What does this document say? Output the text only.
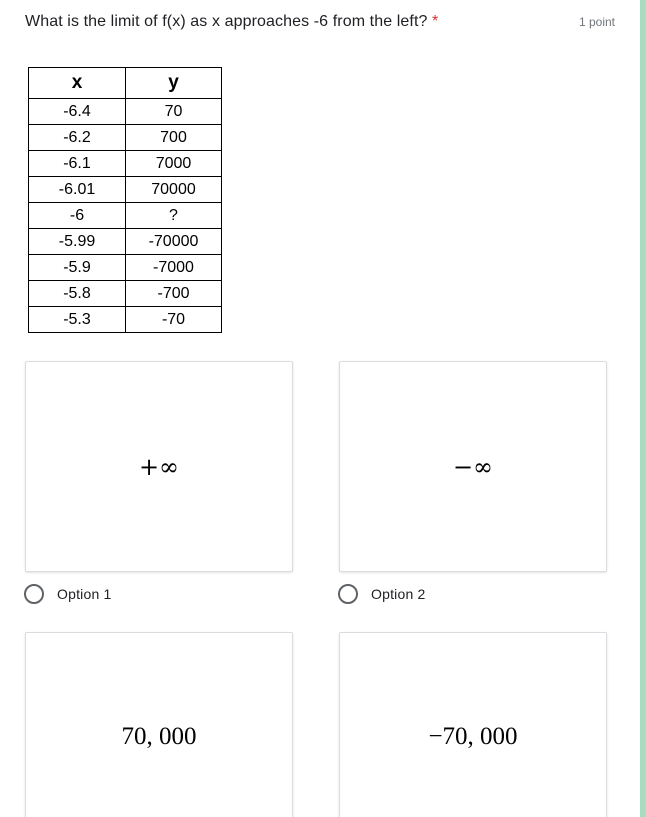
What is the limit of f(x) as x approaches -6 from the left? *	1 point
x	y
-6.4	70
-6.2	700
-6.1	7000
-6.01	70000
-6	?
-5.99	-70000
-5.9	-7000
-5.8	-700
-5.3	-70
+∞
Option 1
−∞
Option 2
70, 000	−70, 000
